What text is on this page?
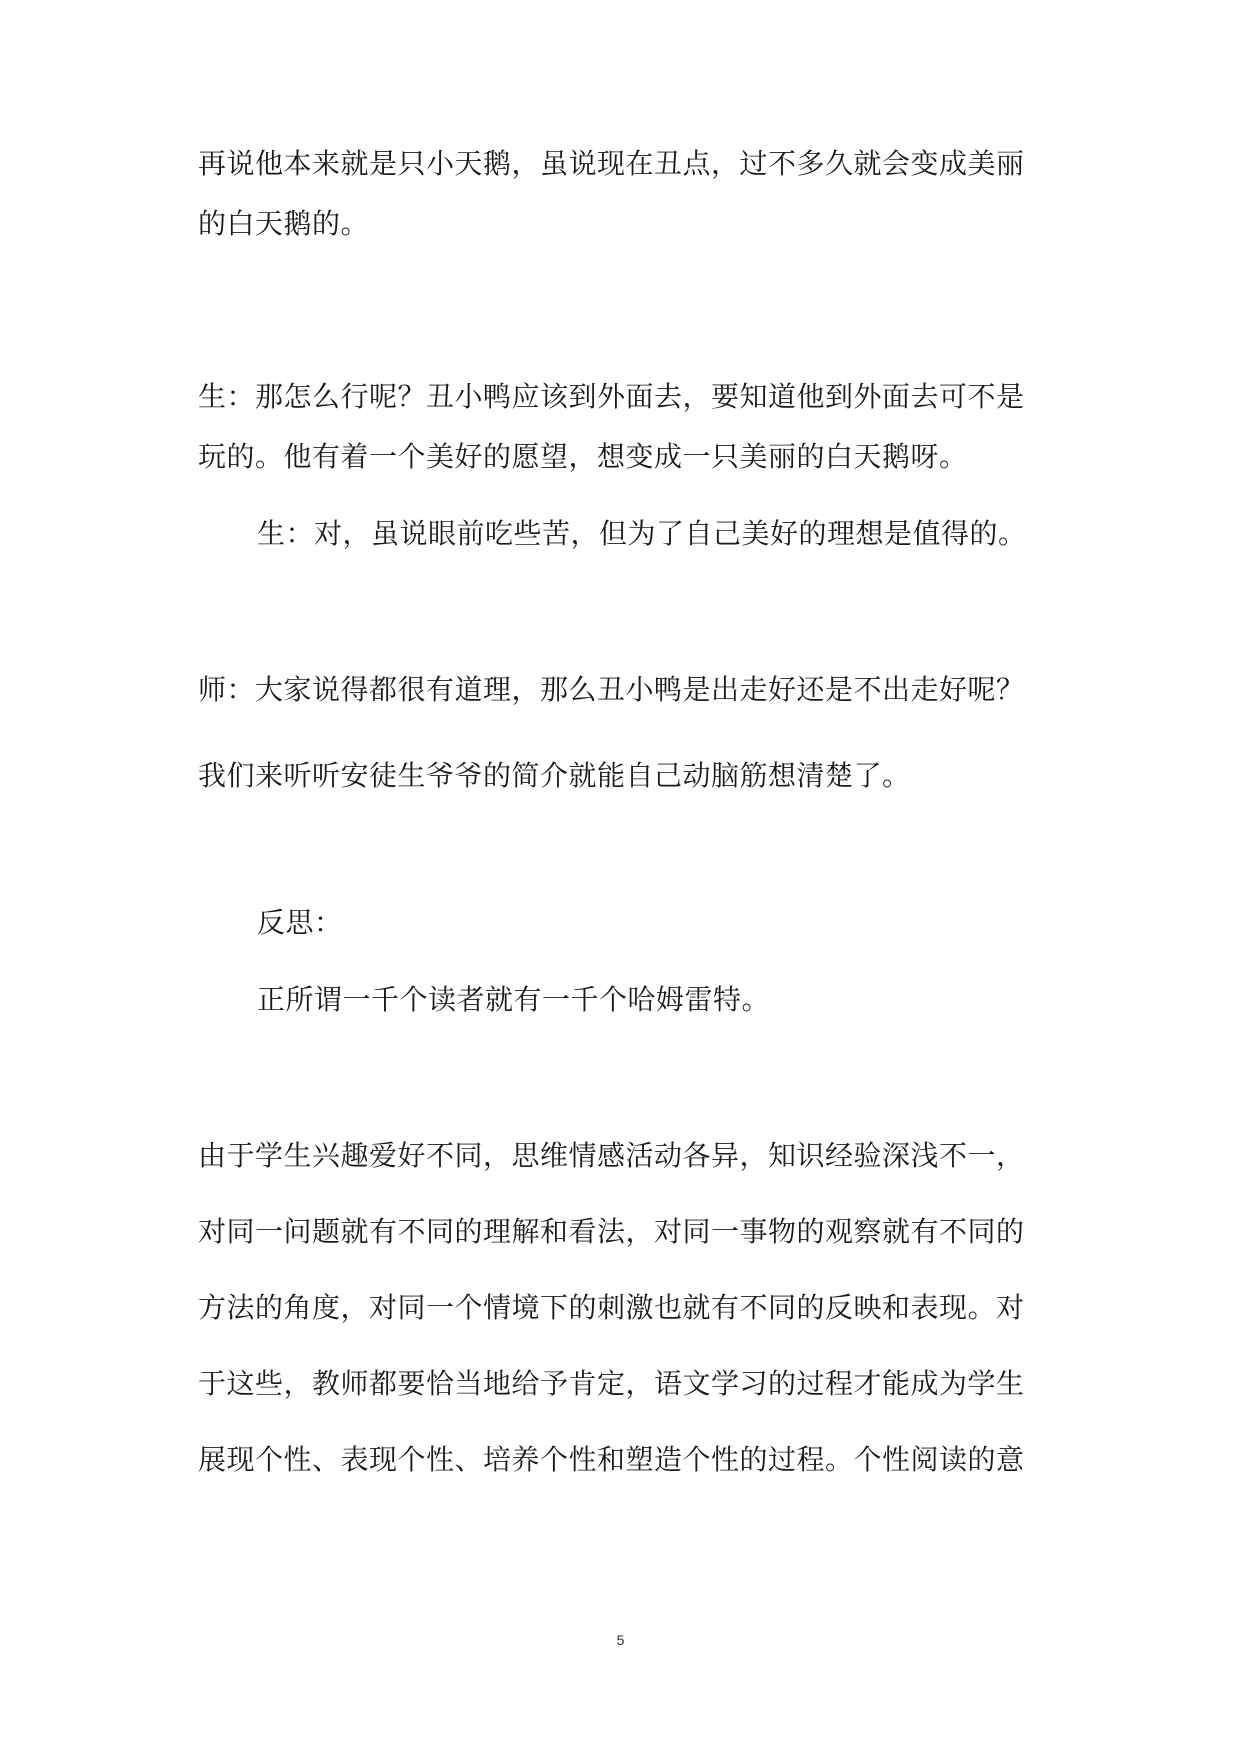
再说他本来就是只小天鹅，虽说现在丑点，过不多久就会变成美丽
的白天鹅的。
生：那怎么行呢？丑小鸭应该到外面去，要知道他到外面去可不是
玩的。他有着一个美好的愿望，想变成一只美丽的白天鹅呀。
生：对，虽说眼前吃些苦，但为了自己美好的理想是值得的。
师：大家说得都很有道理，那么丑小鸭是出走好还是不出走好呢？
我们来听听安徒生爷爷的简介就能自己动脑筋想清楚了。
反思：
正所谓一千个读者就有一千个哈姆雷特。
由于学生兴趣爱好不同，思维情感活动各异，知识经验深浅不一，
对同一问题就有不同的理解和看法，对同一事物的观察就有不同的
方法的角度，对同一个情境下的刺激也就有不同的反映和表现。对
于这些，教师都要恰当地给予肯定，语文学习的过程才能成为学生
展现个性、表现个性、培养个性和塑造个性的过程。个性阅读的意
5
